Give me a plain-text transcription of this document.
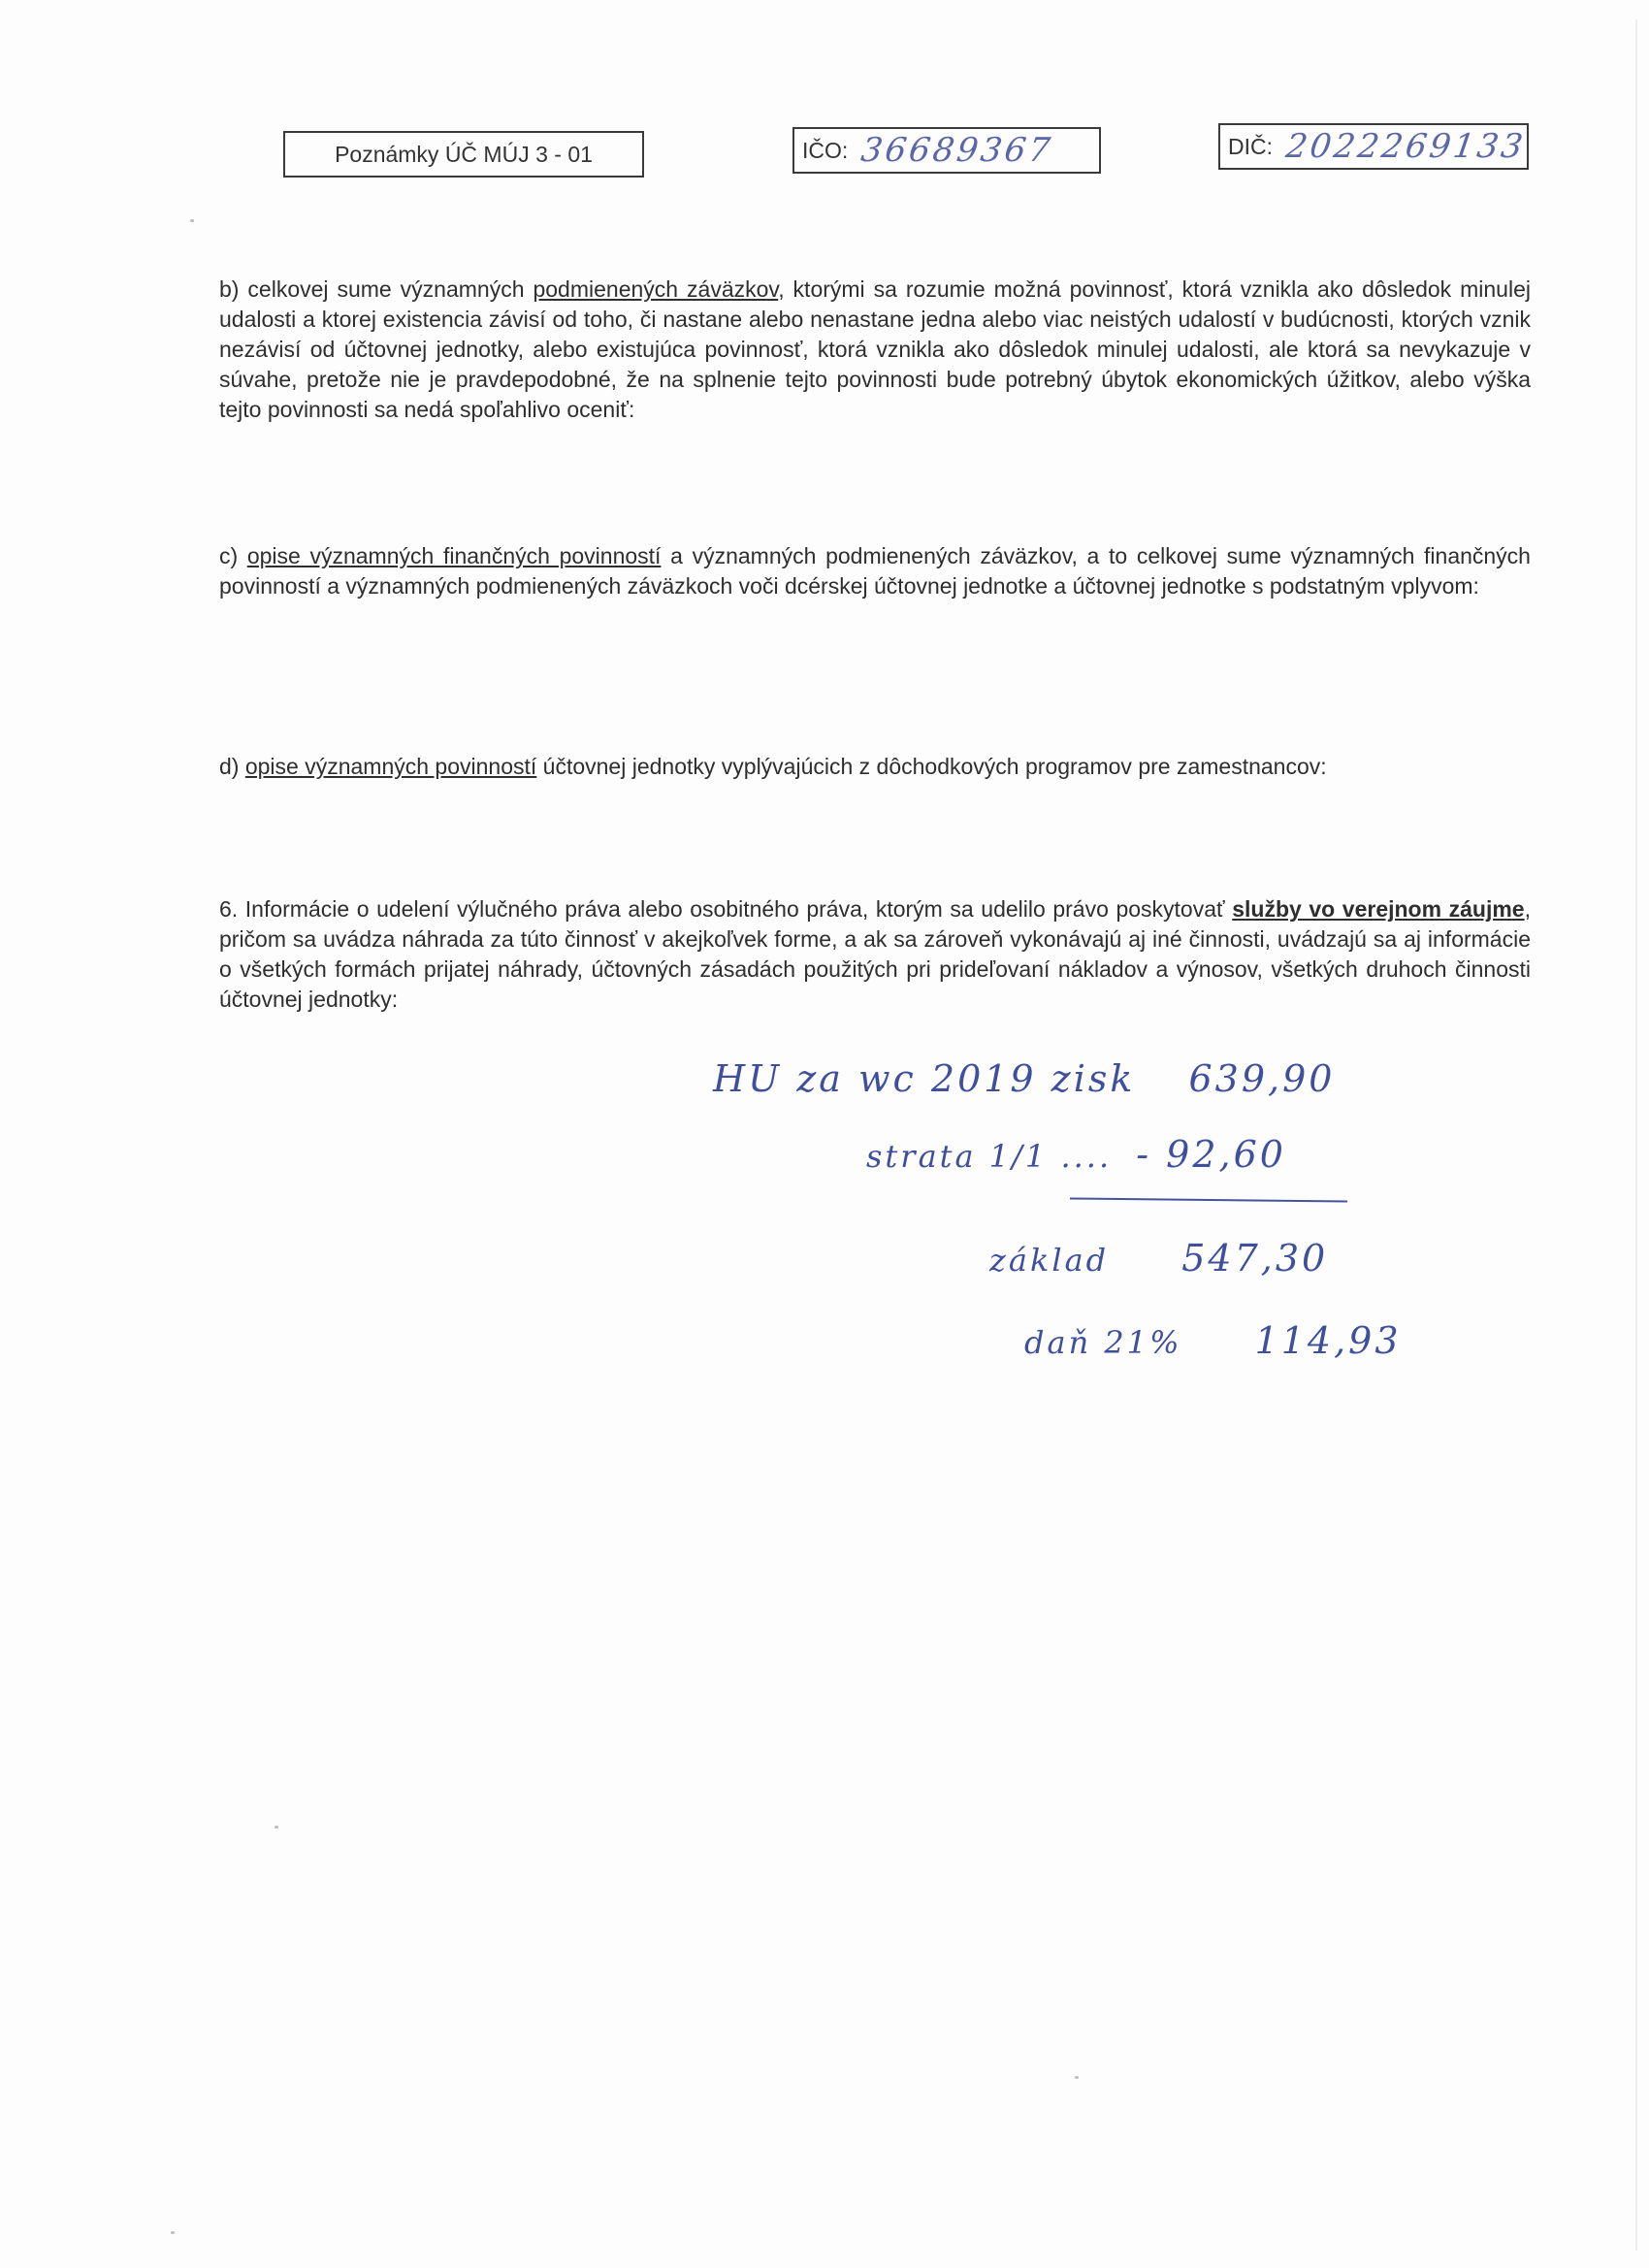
Poznámky ÚČ MÚJ 3 - 01	IČO: 36689367	DIČ: 2022269133
b) celkovej sume významných podmienených záväzkov, ktorými sa rozumie možná povinnosť, ktorá vznikla ako dôsledok minulej udalosti a ktorej existencia závisí od toho, či nastane alebo nenastane jedna alebo viac neistých udalostí v budúcnosti, ktorých vznik nezávisí od účtovnej jednotky, alebo existujúca povinnosť, ktorá vznikla ako dôsledok minulej udalosti, ale ktorá sa nevykazuje v súvahe, pretože nie je pravdepodobné, že na splnenie tejto povinnosti bude potrebný úbytok ekonomických úžitkov, alebo výška tejto povinnosti sa nedá spoľahlivo oceniť:
c) opise významných finančných povinností a významných podmienených záväzkov, a to celkovej sume významných finančných povinností a významných podmienených záväzkoch voči dcérskej účtovnej jednotke a účtovnej jednotke s podstatným vplyvom:
d) opise významných povinností účtovnej jednotky vyplývajúcich z dôchodkových programov pre zamestnancov:
6. Informácie o udelení výlučného práva alebo osobitného práva, ktorým sa udelilo právo poskytovať služby vo verejnom záujme, pričom sa uvádza náhrada za túto činnosť v akejkoľvek forme, a ak sa zároveň vykonávajú aj iné činnosti, uvádzajú sa aj informácie o všetkých formách prijatej náhrady, účtovných zásadách použitých pri prideľovaní nákladov a výnosov, všetkých druhoch činnosti účtovnej jednotky:
HU za wc 2019 zisk 639,90
strata 1/1 .... - 92,60
základ 547,30
daň 21% 114,93
